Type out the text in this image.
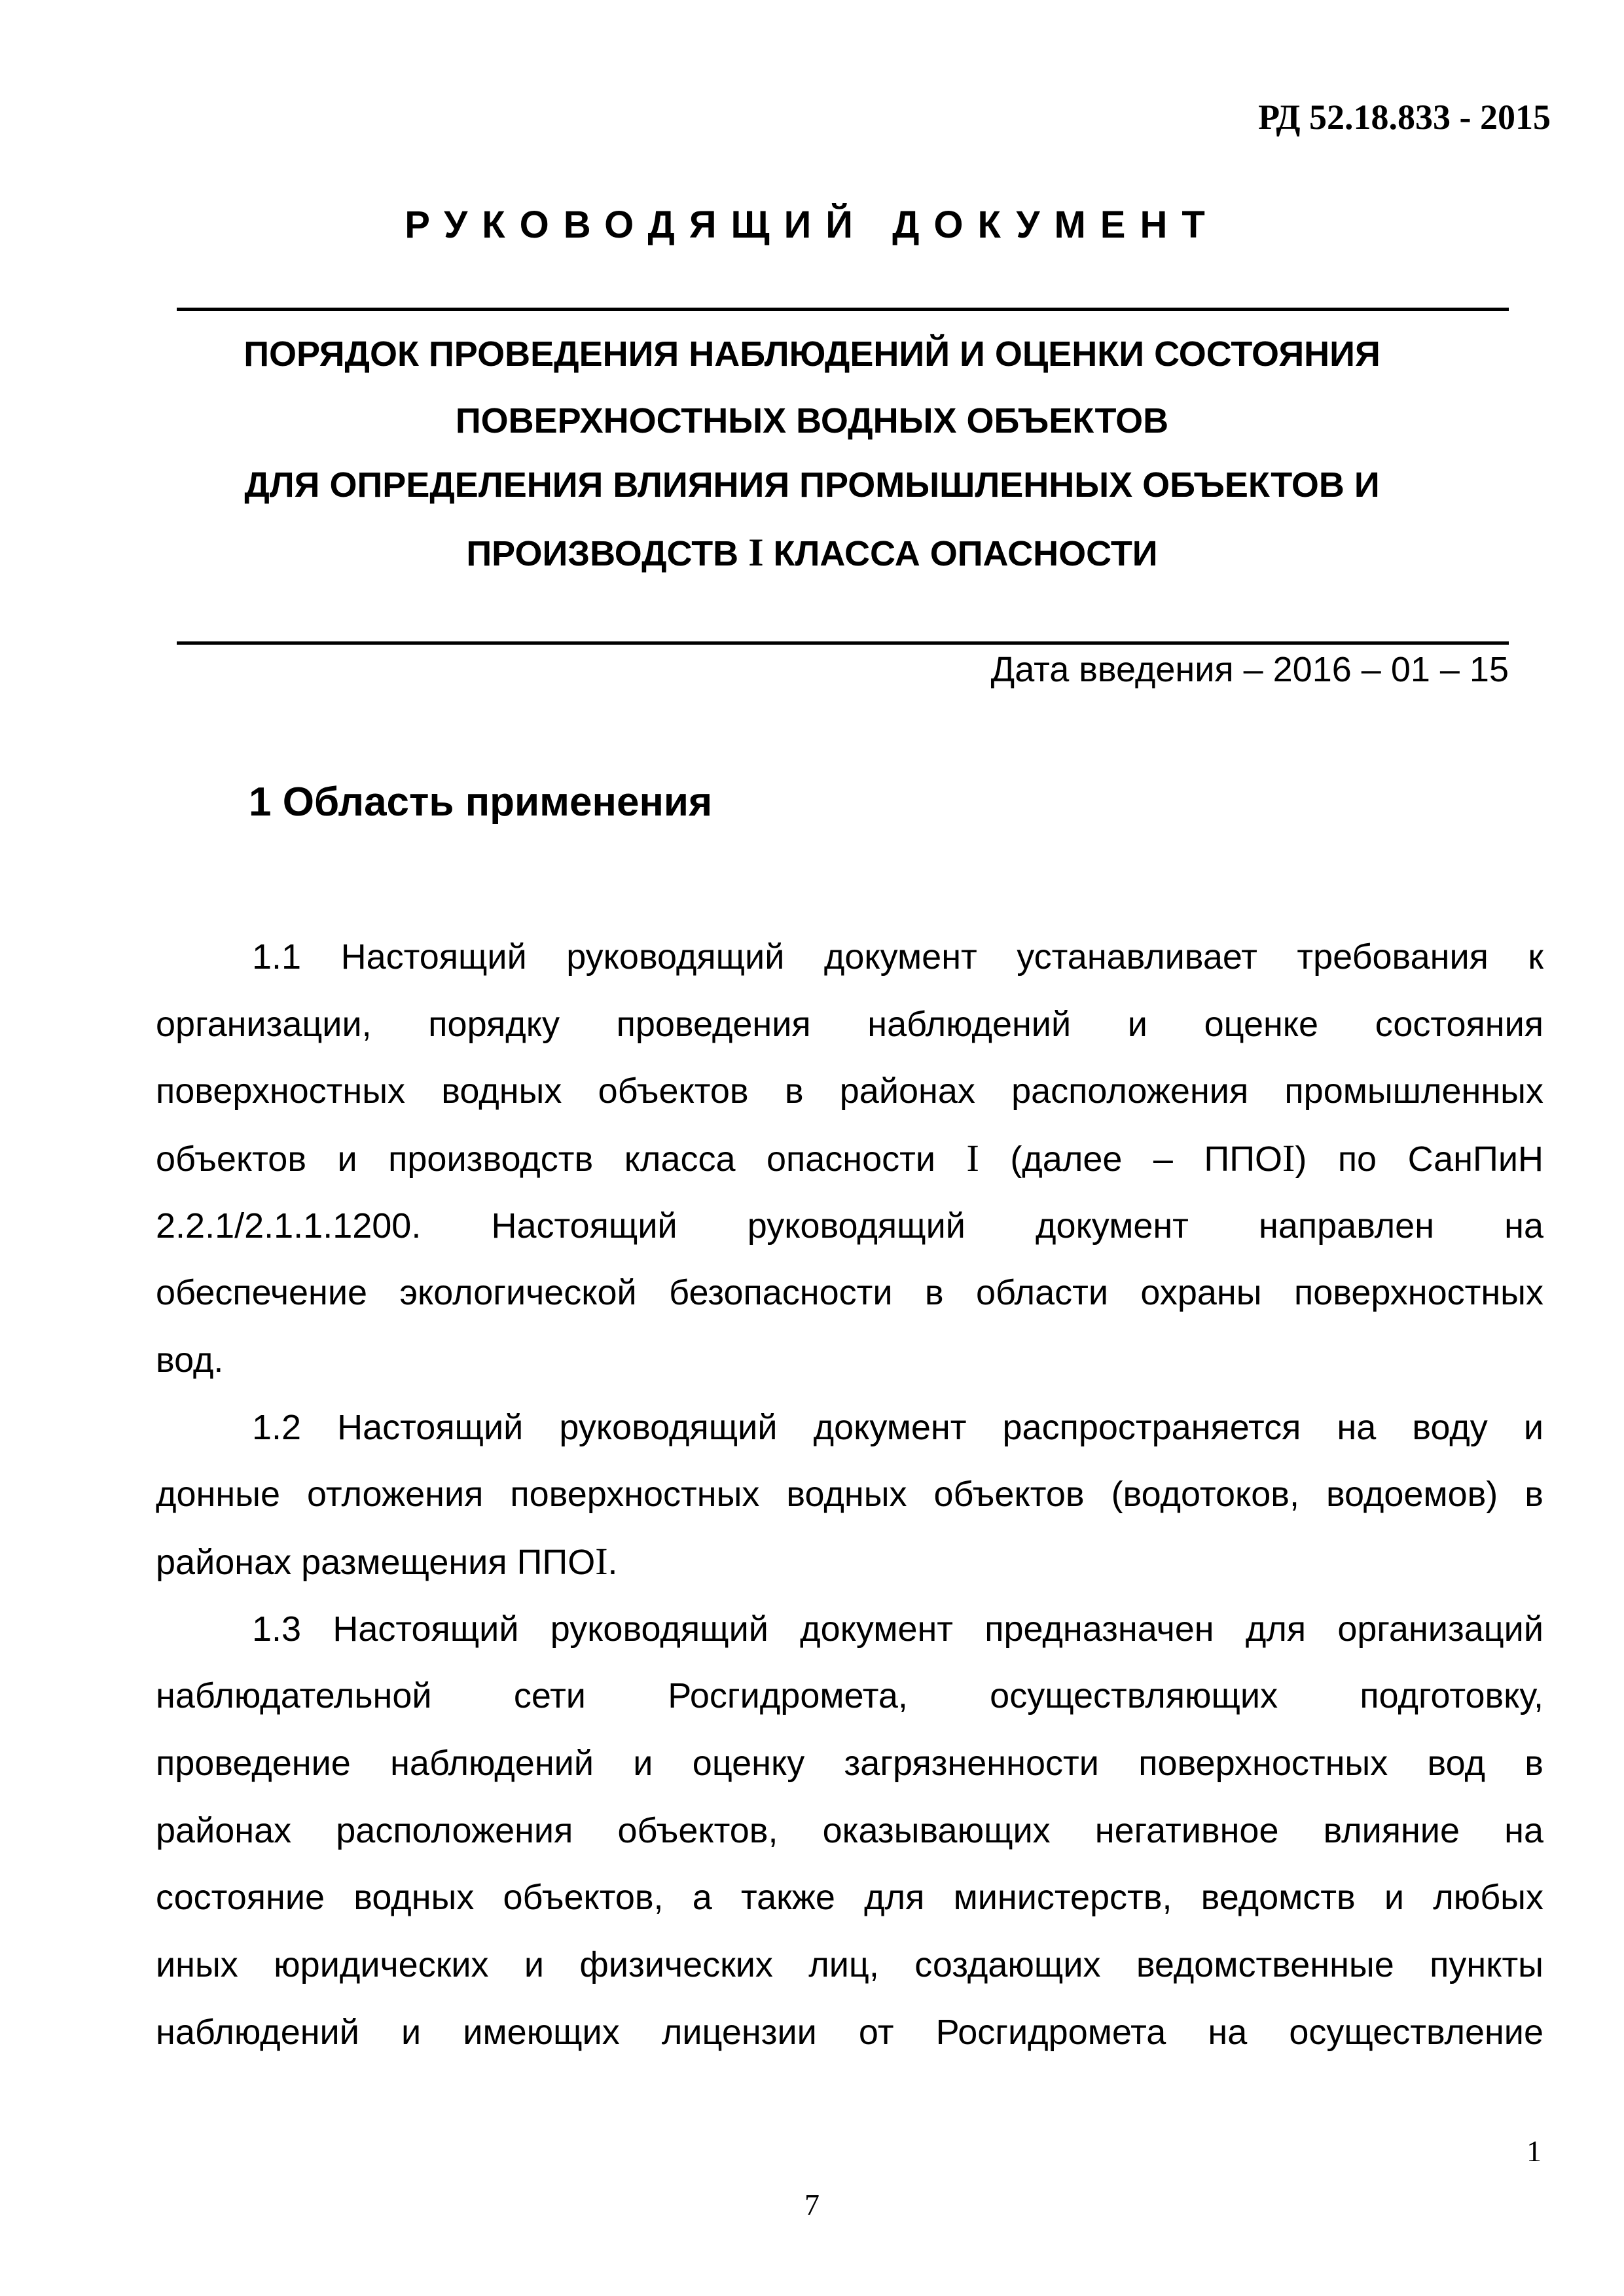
РД 52.18.833 - 2015
РУКОВОДЯЩИЙ ДОКУМЕНТ
ПОРЯДОК ПРОВЕДЕНИЯ НАБЛЮДЕНИЙ И ОЦЕНКИ СОСТОЯНИЯ
ПОВЕРХНОСТНЫХ ВОДНЫХ ОБЪЕКТОВ
ДЛЯ ОПРЕДЕЛЕНИЯ ВЛИЯНИЯ ПРОМЫШЛЕННЫХ ОБЪЕКТОВ И
ПРОИЗВОДСТВ I КЛАССА ОПАСНОСТИ
Дата введения – 2016 – 01 – 15
1 Область применения
1.1 Настоящий руководящий документ устанавливает требования к
организации, порядку проведения наблюдений и оценке состояния
поверхностных водных объектов в районах расположения промышленных
объектов и производств класса опасности I (далее – ППОI) по СанПиН
2.2.1/2.1.1.1200. Настоящий руководящий документ направлен на
обеспечение экологической безопасности в области охраны поверхностных
вод.
1.2 Настоящий руководящий документ распространяется на воду и
донные отложения поверхностных водных объектов (водотоков, водоемов) в
районах размещения ППОI.
1.3 Настоящий руководящий документ предназначен для организаций
наблюдательной сети Росгидромета, осуществляющих подготовку,
проведение наблюдений и оценку загрязненности поверхностных вод в
районах расположения объектов, оказывающих негативное влияние на
состояние водных объектов, а также для министерств, ведомств и любых
иных юридических и физических лиц, создающих ведомственные пункты
наблюдений и имеющих лицензии от Росгидромета на осуществление
1
7
